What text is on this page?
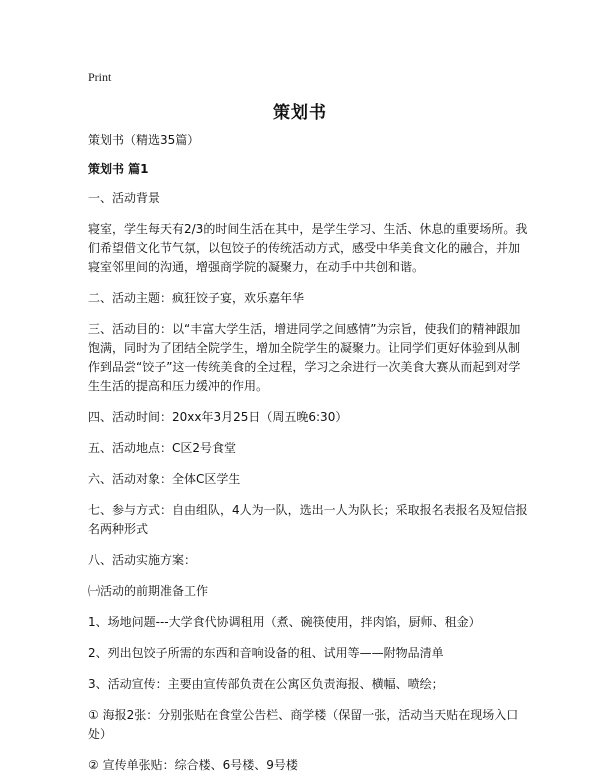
Print
策划书

策划书（精选35篇）

策划书 篇1

一、活动背景

寝室，学生每天有2/3的时间生活在其中，是学生学习、生活、休息的重要场所。我们希望借文化节气氛，以包饺子的传统活动方式，感受中华美食文化的融合，并加寝室邻里间的沟通，增强商学院的凝聚力，在动手中共创和谐。

二、活动主题：疯狂饺子宴，欢乐嘉年华

三、活动目的：以“丰富大学生活，增进同学之间感情”为宗旨，使我们的精神跟加饱满，同时为了团结全院学生，增加全院学生的凝聚力。让同学们更好体验到从制作到品尝“饺子”这一传统美食的全过程，学习之余进行一次美食大赛从而起到对学生生活的提高和压力缓冲的作用。

四、活动时间：20xx年3月25日（周五晚6:30）

五、活动地点：C区2号食堂

六、活动对象：全体C区学生

七、参与方式：自由组队，4人为一队，选出一人为队长；采取报名表报名及短信报名两种形式

八、活动实施方案：

㈠活动的前期准备工作

1、场地问题---大学食代协调租用（煮、碗筷使用，拌肉馅，厨师、租金）

2、列出包饺子所需的东西和音响设备的租、试用等——附物品清单

3、活动宣传：主要由宣传部负责在公寓区负责海报、横幅、喷绘；

① 海报2张：分别张贴在食堂公告栏、商学楼（保留一张，活动当天贴在现场入口处）

② 宣传单张贴：综合楼、6号楼、9号楼
